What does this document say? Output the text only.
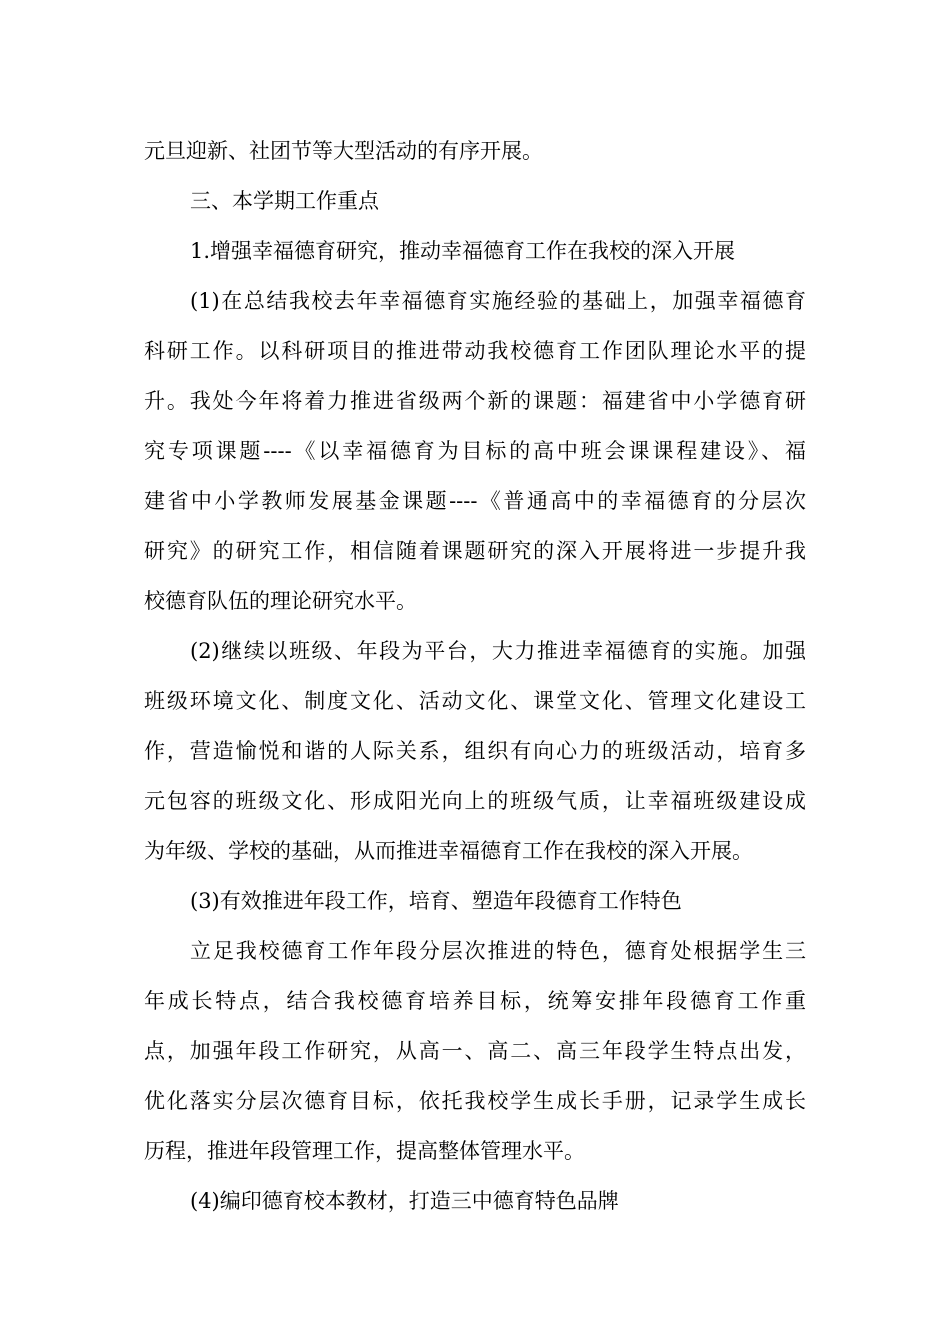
元旦迎新、社团节等大型活动的有序开展。

三、本学期工作重点

1.增强幸福德育研究，推动幸福德育工作在我校的深入开展

(1)在总结我校去年幸福德育实施经验的基础上，加强幸福德育

科研工作。以科研项目的推进带动我校德育工作团队理论水平的提

升。我处今年将着力推进省级两个新的课题：福建省中小学德育研

究专项课题----《以幸福德育为目标的高中班会课课程建设》、福

建省中小学教师发展基金课题----《普通高中的幸福德育的分层次

研究》的研究工作，相信随着课题研究的深入开展将进一步提升我

校德育队伍的理论研究水平。

(2)继续以班级、年段为平台，大力推进幸福德育的实施。加强

班级环境文化、制度文化、活动文化、课堂文化、管理文化建设工

作，营造愉悦和谐的人际关系，组织有向心力的班级活动，培育多

元包容的班级文化、形成阳光向上的班级气质，让幸福班级建设成

为年级、学校的基础，从而推进幸福德育工作在我校的深入开展。

(3)有效推进年段工作，培育、塑造年段德育工作特色

立足我校德育工作年段分层次推进的特色，德育处根据学生三

年成长特点，结合我校德育培养目标，统筹安排年段德育工作重

点，加强年段工作研究，从高一、高二、高三年段学生特点出发，

优化落实分层次德育目标，依托我校学生成长手册，记录学生成长

历程，推进年段管理工作，提高整体管理水平。

(4)编印德育校本教材，打造三中德育特色品牌
